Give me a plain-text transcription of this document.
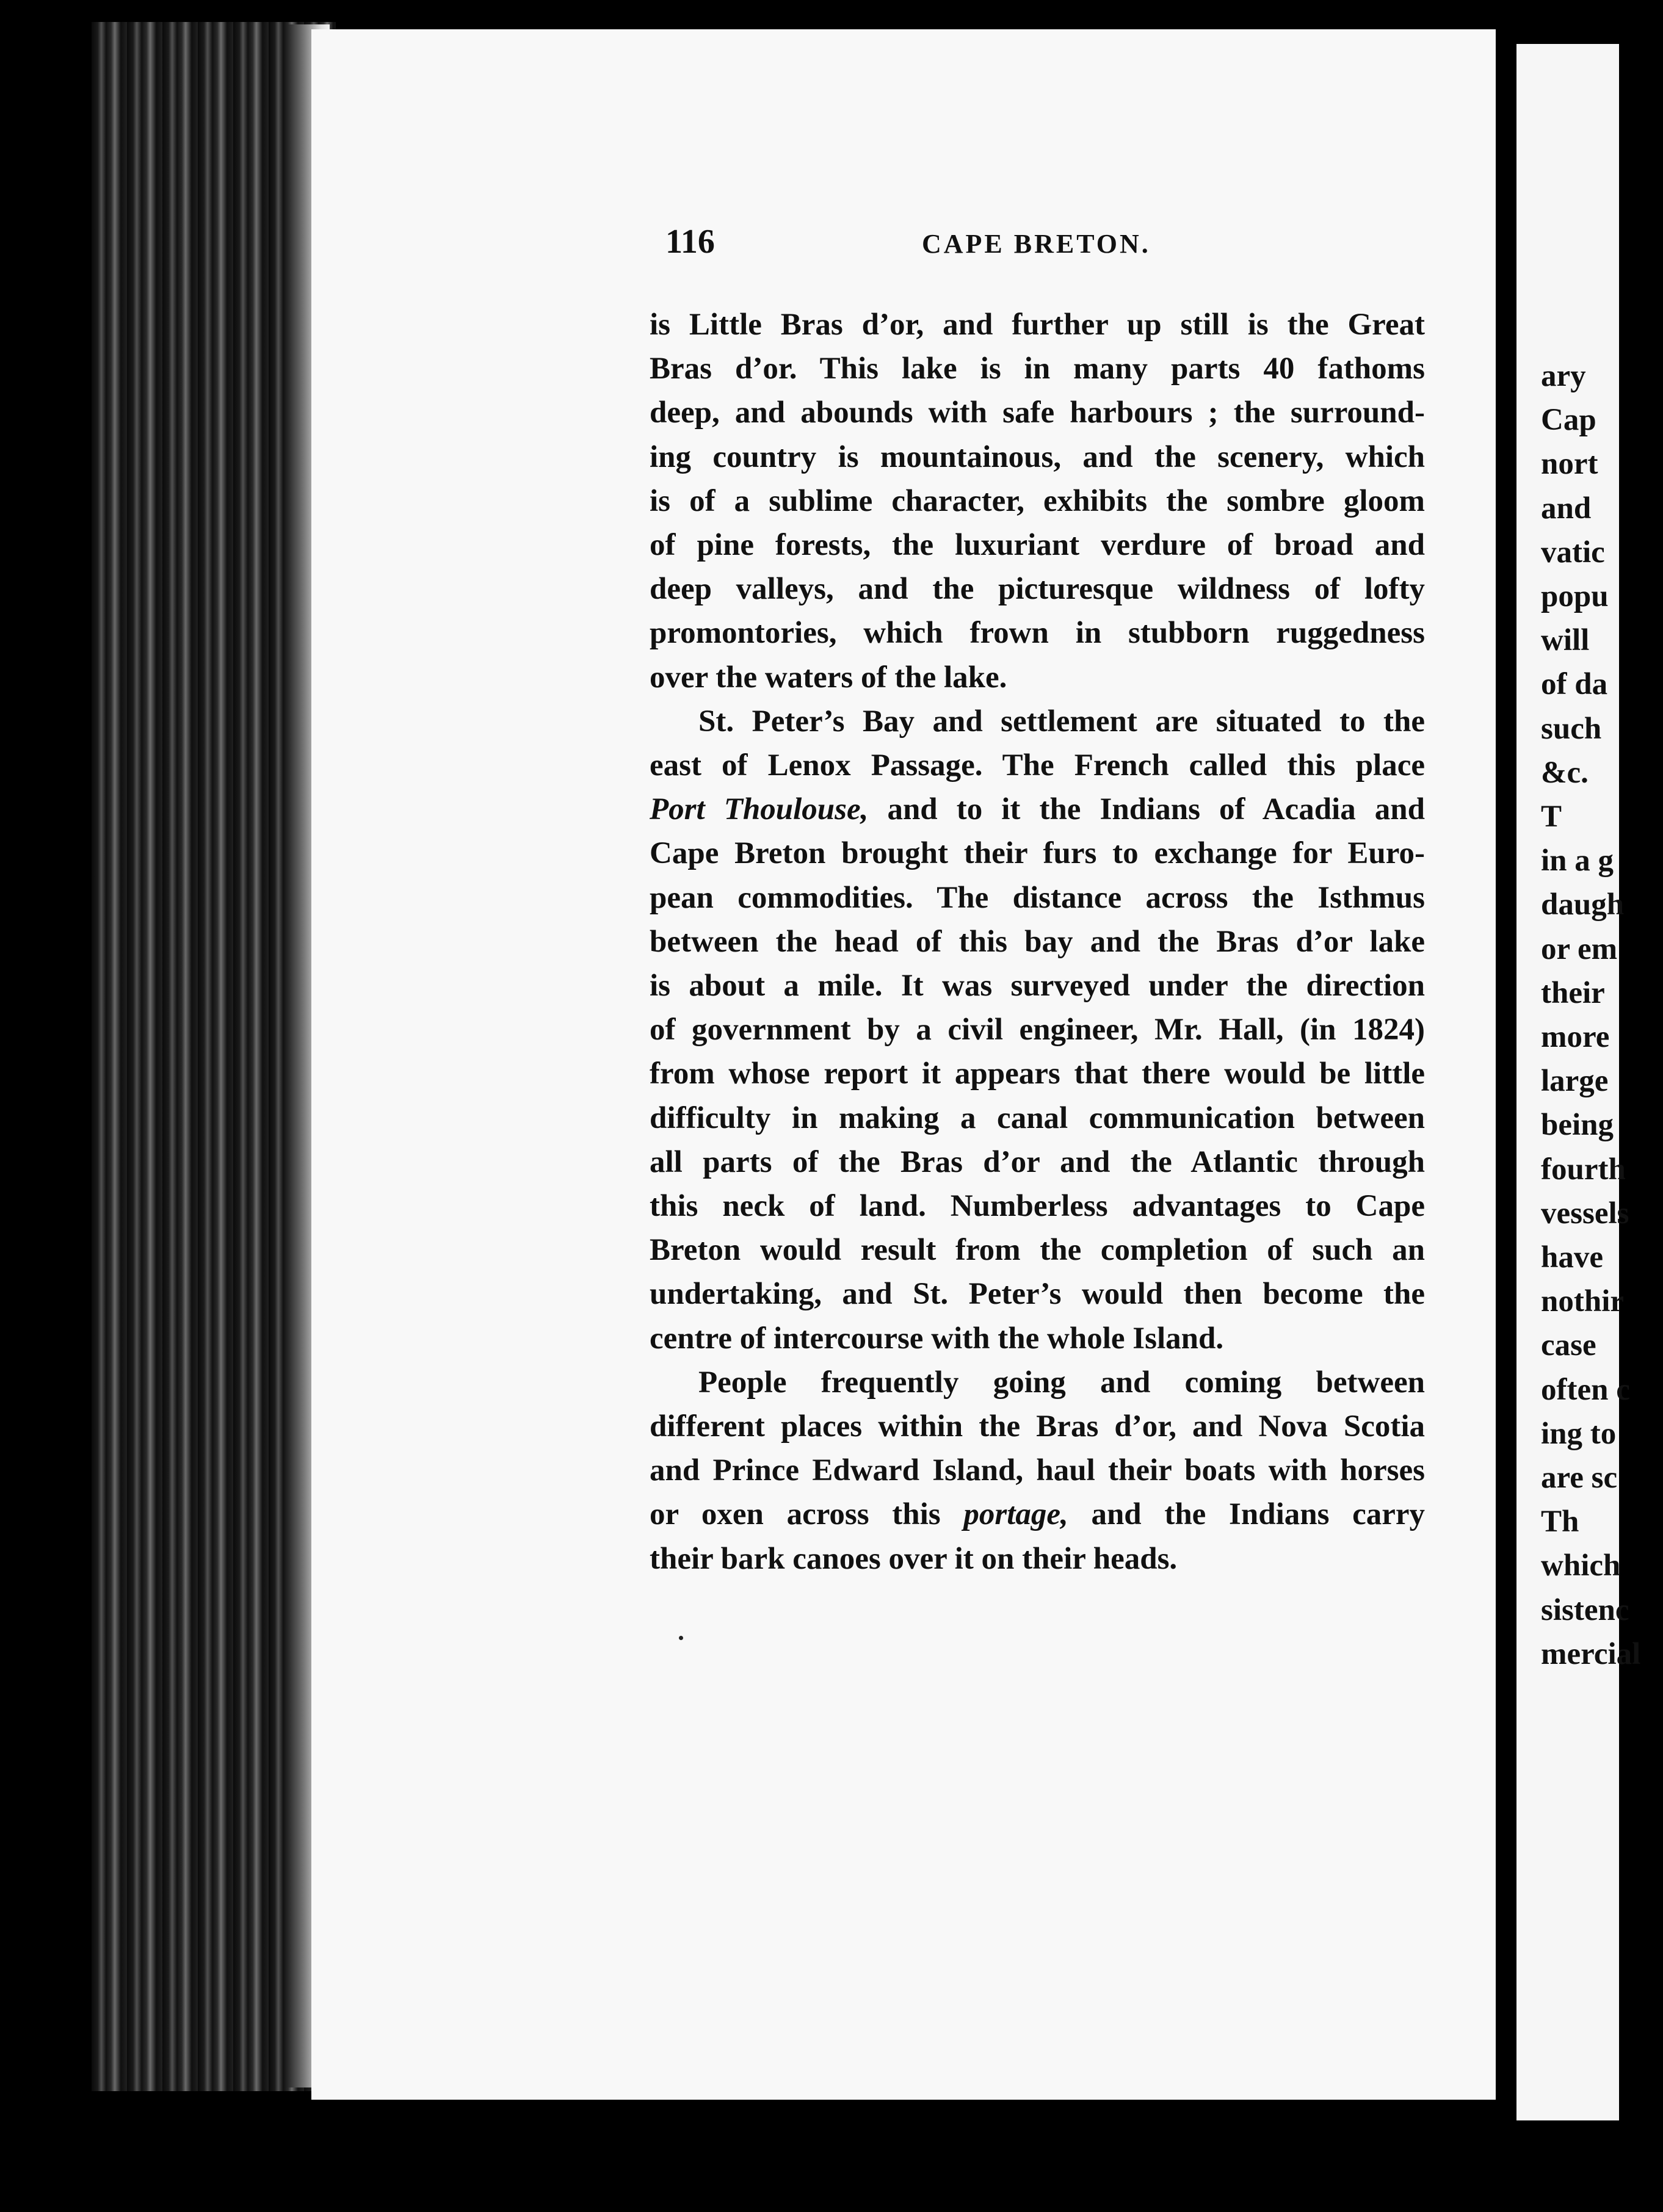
116	CAPE BRETON.

is Little Bras d’or, and further up still is the Great
Bras d’or. This lake is in many parts 40 fathoms
deep, and abounds with safe harbours ; the surround-
ing country is mountainous, and the scenery, which
is of a sublime character, exhibits the sombre gloom
of pine forests, the luxuriant verdure of broad and
deep valleys, and the picturesque wildness of lofty
promontories, which frown in stubborn ruggedness
over the waters of the lake.

St. Peter’s Bay and settlement are situated to the
east of Lenox Passage. The French called this place
Port Thoulouse, and to it the Indians of Acadia and
Cape Breton brought their furs to exchange for Euro-
pean commodities. The distance across the Isthmus
between the head of this bay and the Bras d’or lake
is about a mile. It was surveyed under the direction
of government by a civil engineer, Mr. Hall, (in 1824)
from whose report it appears that there would be little
difficulty in making a canal communication between
all parts of the Bras d’or and the Atlantic through
this neck of land. Numberless advantages to Cape
Breton would result from the completion of such an
undertaking, and St. Peter’s would then become the
centre of intercourse with the whole Island.

People frequently going and coming between
different places within the Bras d’or, and Nova Scotia
and Prince Edward Island, haul their boats with horses
or oxen across this portage, and the Indians carry
their bark canoes over it on their heads.

ary
Cap
nort
and
vatic
popu
will
of da
such
&c.
T
in a g
daugh
or em
their
more
large
being
fourth
vessels
have
nothir
case
often c
ing to
are sc
Th
which
sistenc
mercial
